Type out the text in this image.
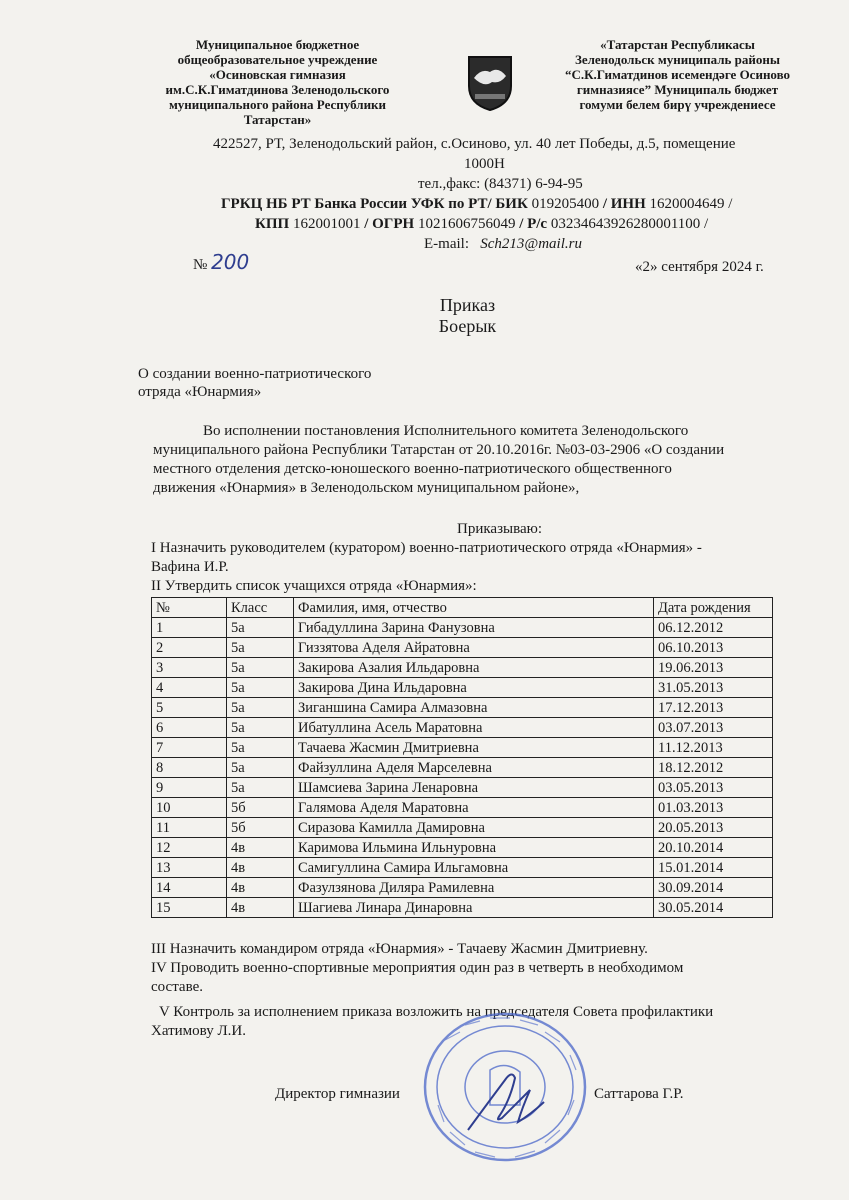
Муниципальное бюджетное
общеобразовательное учреждение
«Осиновская гимназия
им.С.К.Гиматдинова Зеленодольского
муниципального района Республики
Татарстан»
«Татарстан Республикасы
Зеленодольск муниципаль районы
“С.К.Гиматдинов исемендәге Осиново
гимназиясе” Муниципаль бюджет
гомуми белем бирү учреждениесе
422527, РТ, Зеленодольский район, с.Осиново, ул. 40 лет Победы, д.5, помещение
1000Н
тел.,факс: (84371) 6-94-95
ГРКЦ НБ РТ Банка России УФК по РТ/ БИК 019205400 / ИНН 1620004649 /
КПП 162001001 / ОГРН 1021606756049 / Р/с 03234643926280001100 /
E-mail: Sch213@mail.ru
№ 200	«2» сентября 2024 г.
Приказ
Боерык
О создании военно-патриотического
отряда «Юнармия»
Во исполнении постановления Исполнительного комитета Зеленодольского
муниципального района Республики Татарстан от 20.10.2016г. №03-03-2906 «О создании
местного отделения детско-юношеского военно-патриотического общественного
движения «Юнармия» в Зеленодольском муниципальном районе»,
Приказываю:
I Назначить руководителем (куратором) военно-патриотического отряда «Юнармия» -
Вафина И.Р.
II Утвердить список учащихся отряда «Юнармия»:
№	Класс	Фамилия, имя, отчество	Дата рождения
1	5а	Гибадуллина Зарина Фанузовна	06.12.2012
2	5а	Гиззятова Аделя Айратовна	06.10.2013
3	5а	Закирова Азалия Ильдаровна	19.06.2013
4	5а	Закирова Дина Ильдаровна	31.05.2013
5	5а	Зиганшина Самира Алмазовна	17.12.2013
6	5а	Ибатуллина Асель Маратовна	03.07.2013
7	5а	Тачаева Жасмин Дмитриевна	11.12.2013
8	5а	Файзуллина Аделя Марселевна	18.12.2012
9	5а	Шамсиева Зарина Ленаровна	03.05.2013
10	5б	Галямова Аделя Маратовна	01.03.2013
11	5б	Сиразова Камилла Дамировна	20.05.2013
12	4в	Каримова Ильмина Ильнуровна	20.10.2014
13	4в	Самигуллина Самира Ильгамовна	15.01.2014
14	4в	Фазулзянова Диляра Рамилевна	30.09.2014
15	4в	Шагиева Линара Динаровна	30.05.2014
III Назначить командиром отряда «Юнармия» - Тачаеву Жасмин Дмитриевну.
IV Проводить военно-спортивные мероприятия один раз в четверть в необходимом
составе.
V Контроль за исполнением приказа возложить на председателя Совета профилактики
Хатимову Л.И.
Директор гимназии	Саттарова Г.Р.
